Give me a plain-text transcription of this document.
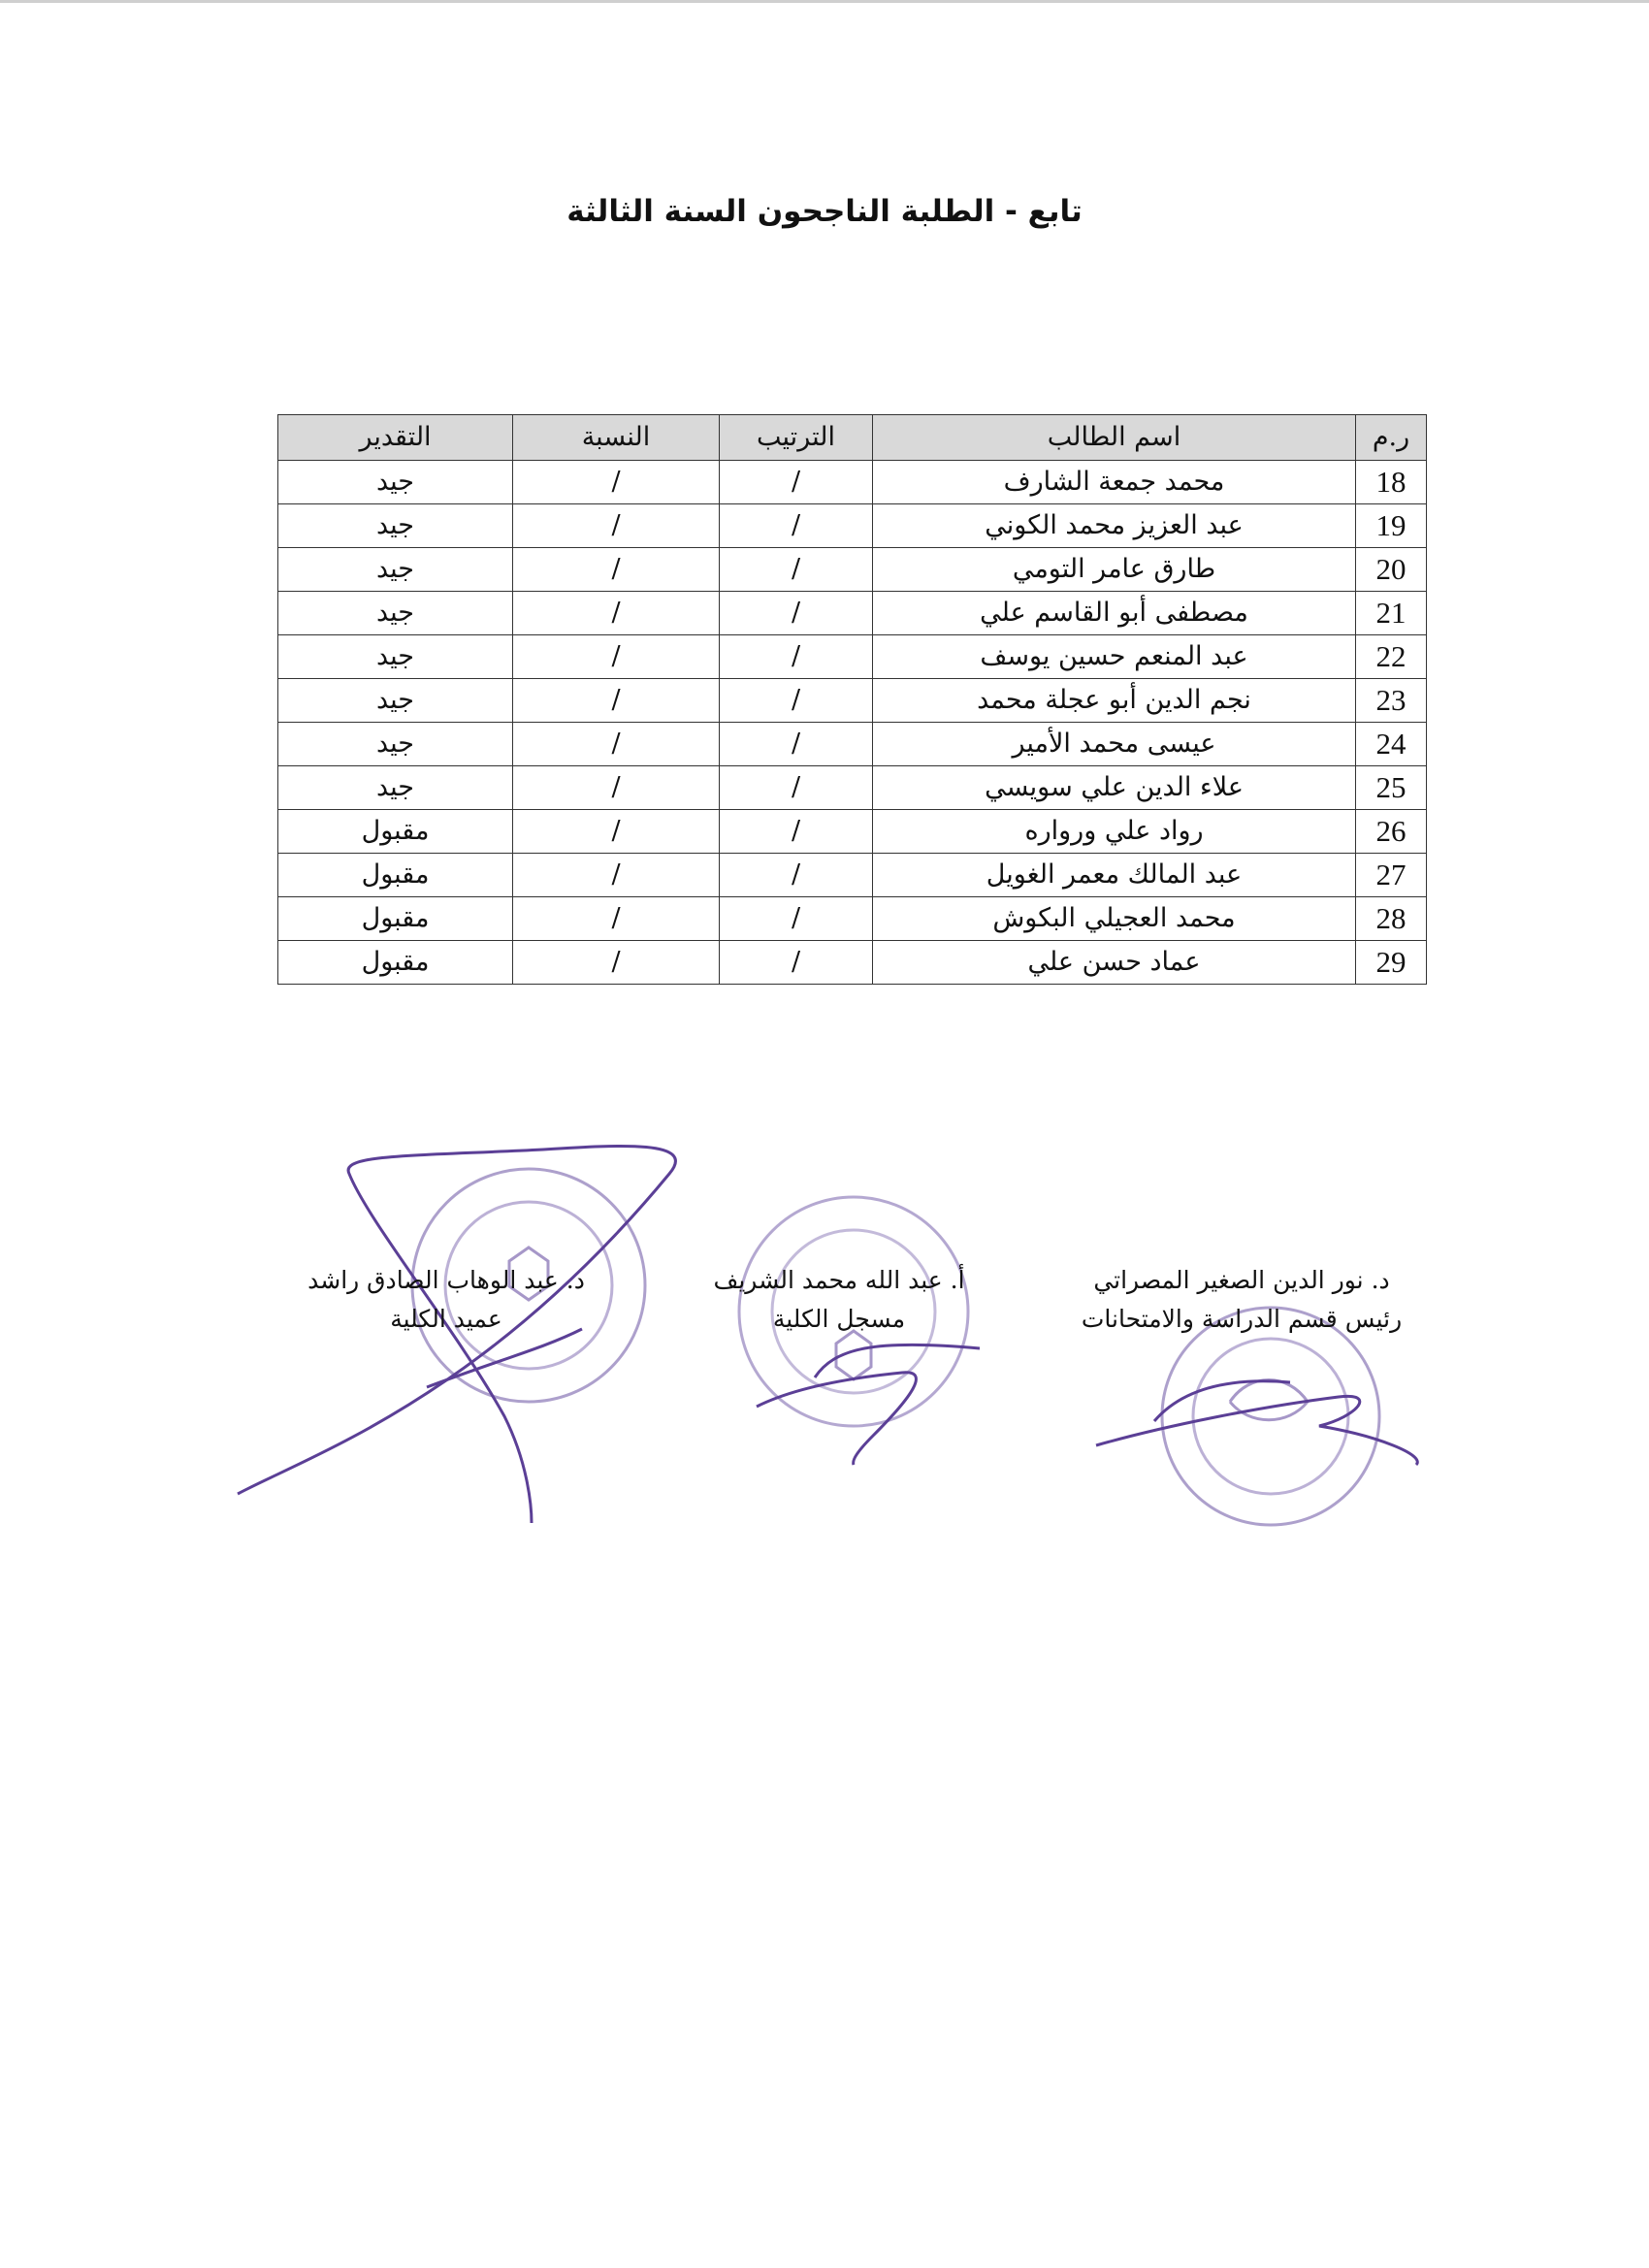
تابع - الطلبة الناجحون السنة الثالثة
ر.م	اسم الطالب	الترتيب	النسبة	التقدير
18	محمد جمعة الشارف	/	/	جيد
19	عبد العزيز محمد الكوني	/	/	جيد
20	طارق عامر التومي	/	/	جيد
21	مصطفى أبو القاسم علي	/	/	جيد
22	عبد المنعم حسين يوسف	/	/	جيد
23	نجم الدين أبو عجلة محمد	/	/	جيد
24	عيسى محمد الأمير	/	/	جيد
25	علاء الدين علي سويسي	/	/	جيد
26	رواد علي ورواره	/	/	مقبول
27	عبد المالك معمر الغويل	/	/	مقبول
28	محمد العجيلي البكوش	/	/	مقبول
29	عماد حسن علي	/	/	مقبول
د. نور الدين الصغير المصراتي
رئيس قسم الدراسة والامتحانات
أ. عبد الله محمد الشريف
مسجل الكلية
د. عبد الوهاب الصادق راشد
عميد الكلية
